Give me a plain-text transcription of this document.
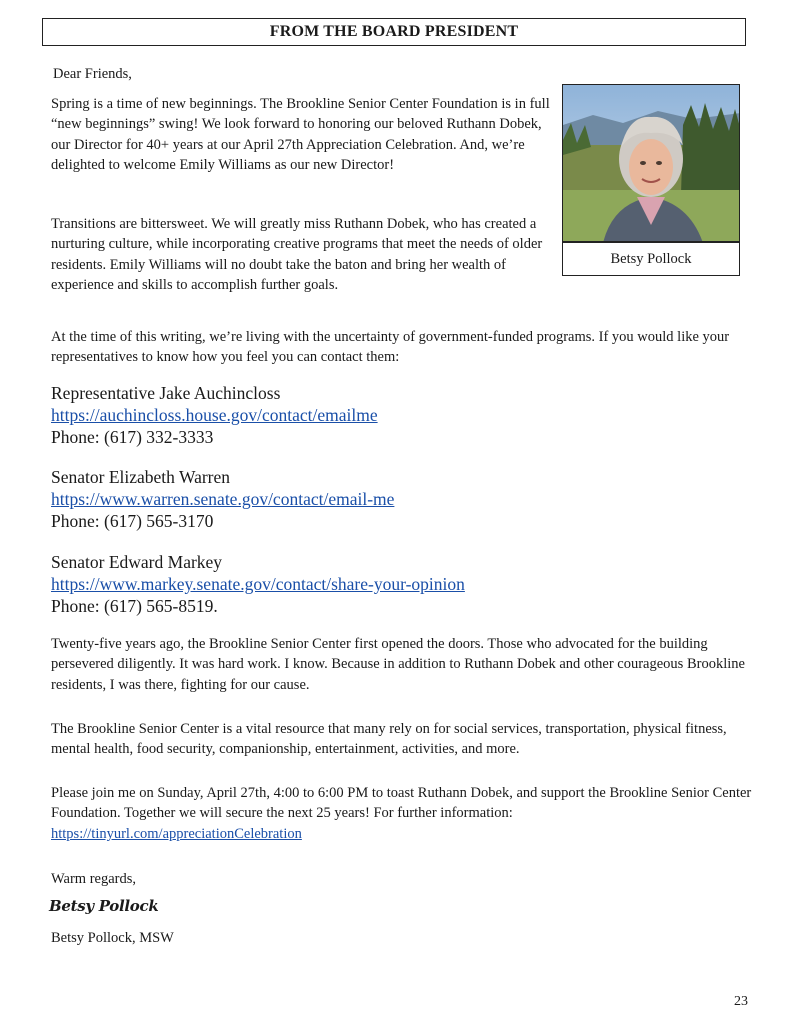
FROM THE BOARD PRESIDENT
Betsy Pollock

Dear Friends,

Spring is a time of new beginnings. The Brookline Senior Center Foundation is in full “new beginnings” swing! We look forward to honoring our beloved Ruthann Dobek, our Director for 40+ years at our April 27th Appreciation Celebration. And, we’re delighted to welcome Emily Williams as our new Director!

Transitions are bittersweet. We will greatly miss Ruthann Dobek, who has created a nurturing culture, while incorporating creative programs that meet the needs of older residents. Emily Williams will no doubt take the baton and bring her wealth of experience and skills to accomplish further goals.

At the time of this writing, we’re living with the uncertainty of government-funded programs. If you would like your representatives to know how you feel you can contact them:

Representative Jake Auchincloss
https://auchincloss.house.gov/contact/emailme
Phone: (617) 332-3333
Senator Elizabeth Warren
https://www.warren.senate.gov/contact/email-me
Phone: (617) 565-3170
Senator Edward Markey
https://www.markey.senate.gov/contact/share-your-opinion
Phone: (617) 565-8519.

Twenty-five years ago, the Brookline Senior Center first opened the doors. Those who advocated for the building persevered diligently. It was hard work. I know. Because in addition to Ruthann Dobek and other courageous Brookline residents, I was there, fighting for our cause.

The Brookline Senior Center is a vital resource that many rely on for social services, transportation, physical fitness, mental health, food security, companionship, entertainment, activities, and more.

Please join me on Sunday, April 27th, 4:00 to 6:00 PM to toast Ruthann Dobek, and support the Brookline Senior Center Foundation. Together we will secure the next 25 years! For further information: https://tinyurl.com/appreciationCelebration

Warm regards,

Betsy Pollock

Betsy Pollock, MSW

23
